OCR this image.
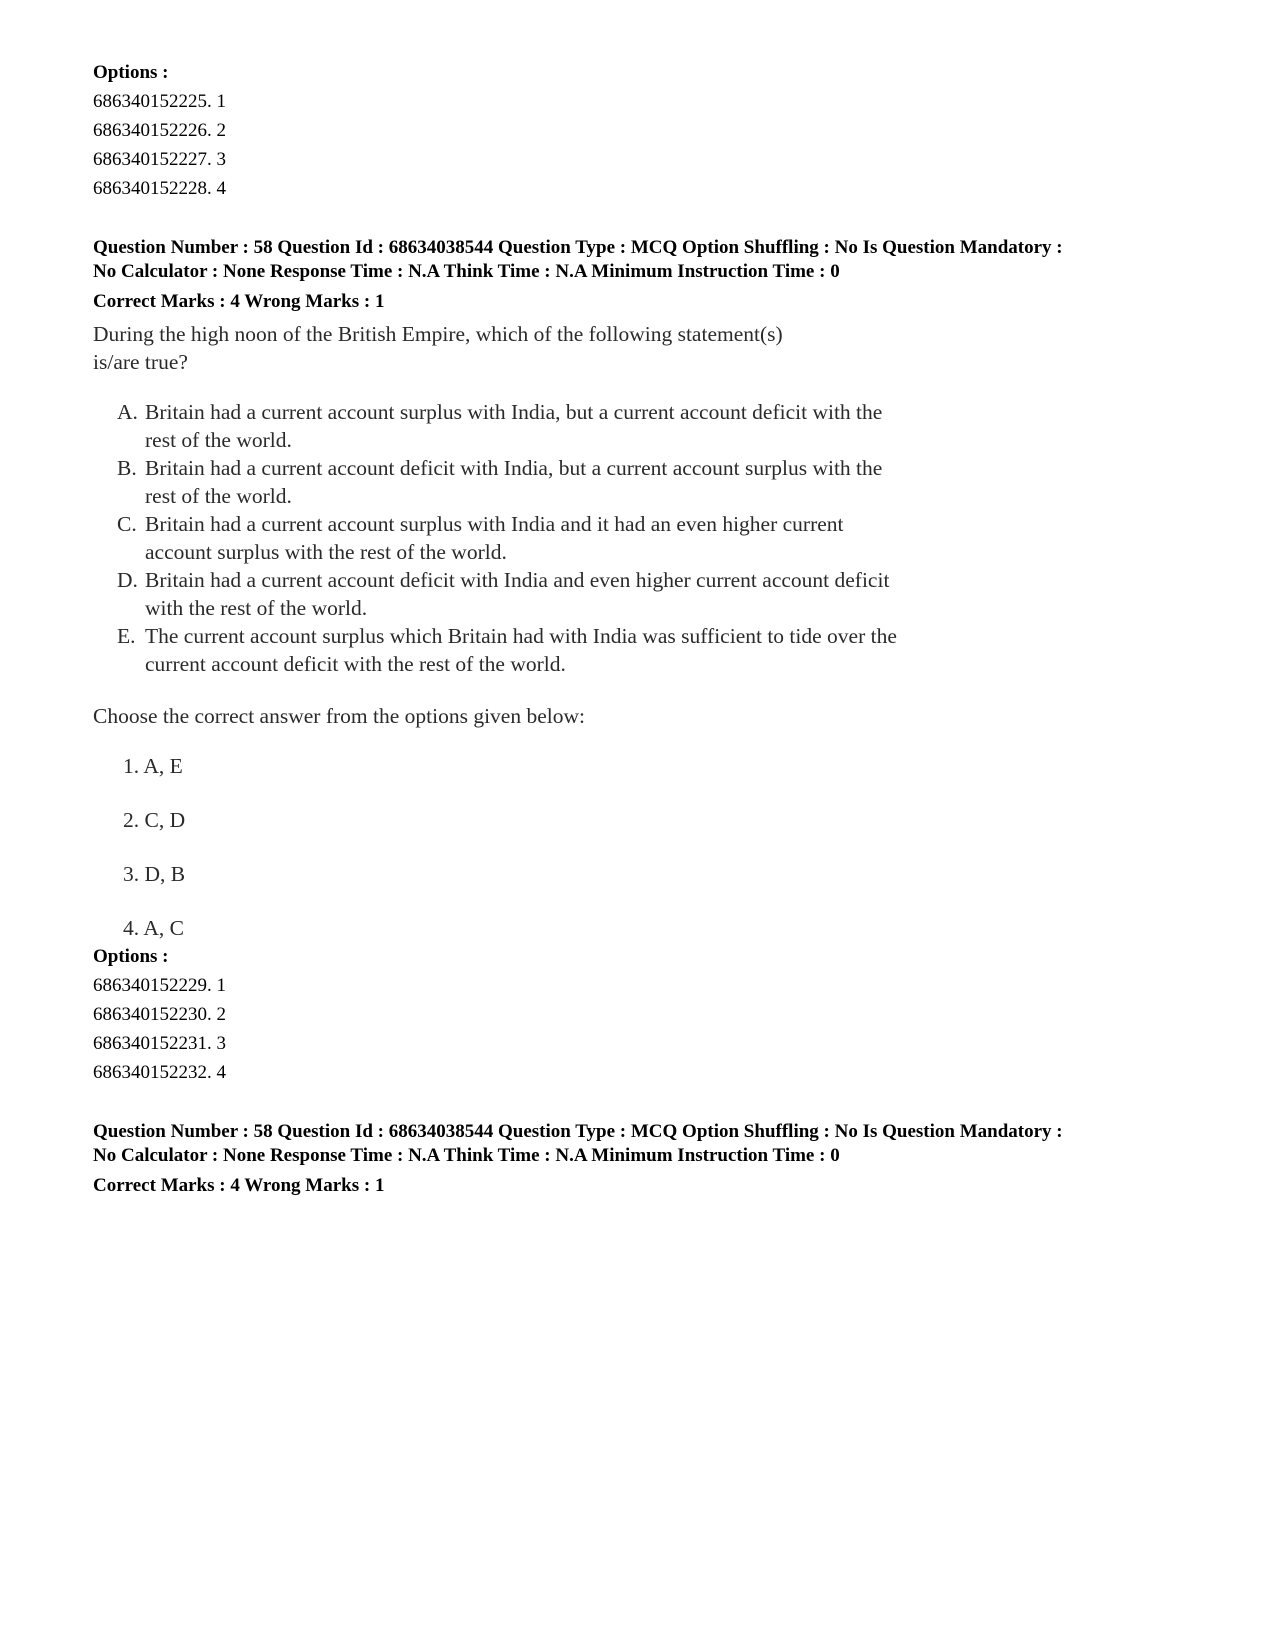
Options :
686340152225. 1
686340152226. 2
686340152227. 3
686340152228. 4
Question Number : 58 Question Id : 68634038544 Question Type : MCQ Option Shuffling : No Is Question Mandatory :
No Calculator : None Response Time : N.A Think Time : N.A Minimum Instruction Time : 0
Correct Marks : 4 Wrong Marks : 1
During the high noon of the British Empire, which of the following statement(s)
is/are true?
A. Britain had a current account surplus with India, but a current account deficit with the rest of the world.
B. Britain had a current account deficit with India, but a current account surplus with the rest of the world.
C. Britain had a current account surplus with India and it had an even higher current account surplus with the rest of the world.
D. Britain had a current account deficit with India and even higher current account deficit with the rest of the world.
E. The current account surplus which Britain had with India was sufficient to tide over the current account deficit with the rest of the world.
Choose the correct answer from the options given below:
1. A, E
2. C, D
3. D, B
4. A, C
Options :
686340152229. 1
686340152230. 2
686340152231. 3
686340152232. 4
Question Number : 58 Question Id : 68634038544 Question Type : MCQ Option Shuffling : No Is Question Mandatory :
No Calculator : None Response Time : N.A Think Time : N.A Minimum Instruction Time : 0
Correct Marks : 4 Wrong Marks : 1
